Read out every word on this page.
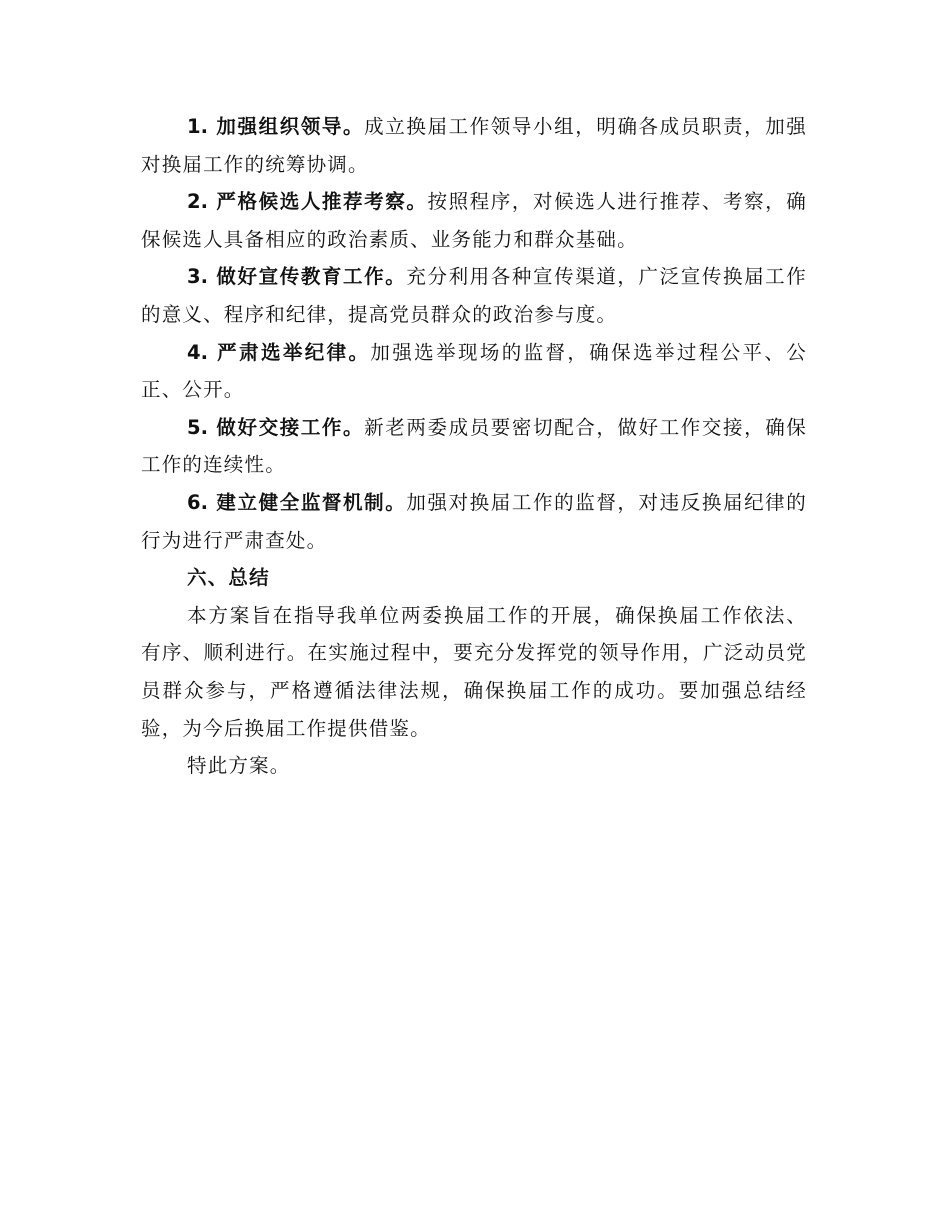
1. 加强组织领导。成立换届工作领导小组，明确各成员职责，加强对换届工作的统筹协调。

2. 严格候选人推荐考察。按照程序，对候选人进行推荐、考察，确保候选人具备相应的政治素质、业务能力和群众基础。

3. 做好宣传教育工作。充分利用各种宣传渠道，广泛宣传换届工作的意义、程序和纪律，提高党员群众的政治参与度。

4. 严肃选举纪律。加强选举现场的监督，确保选举过程公平、公正、公开。

5. 做好交接工作。新老两委成员要密切配合，做好工作交接，确保工作的连续性。

6. 建立健全监督机制。加强对换届工作的监督，对违反换届纪律的行为进行严肃查处。

六、总结

本方案旨在指导我单位两委换届工作的开展，确保换届工作依法、有序、顺利进行。在实施过程中，要充分发挥党的领导作用，广泛动员党员群众参与，严格遵循法律法规，确保换届工作的成功。要加强总结经验，为今后换届工作提供借鉴。

特此方案。
